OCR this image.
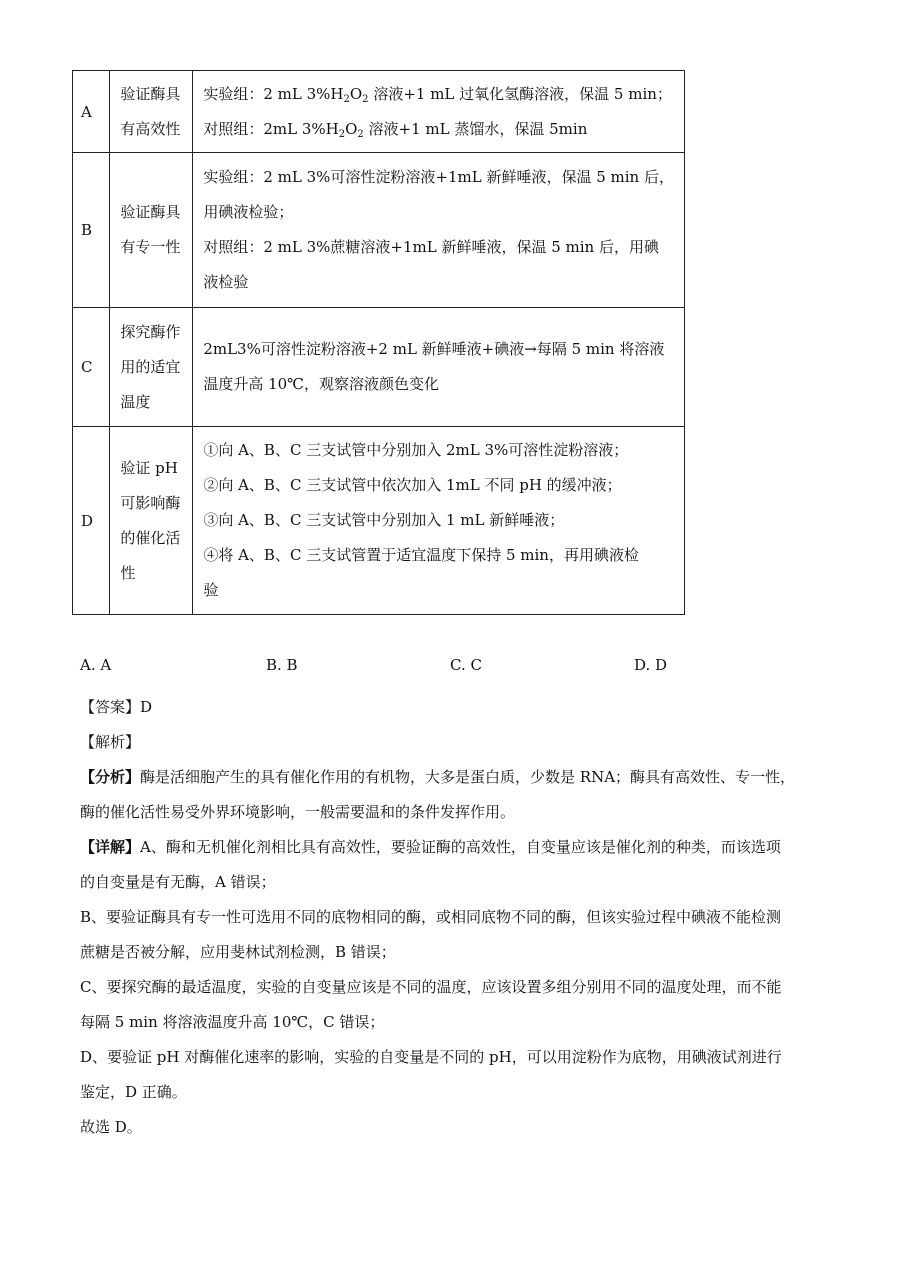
A	验证酶具
有高效性	实验组：2 mL $3\%H_2O_2$ 溶液+1 mL 过氧化氢酶溶液，保温 5 min；
对照组：2mL $3\%H_2O_2$ 溶液+1 mL 蒸馏水，保温 5min

B	验证酶具
有专一性	实验组：2 mL 3%可溶性淀粉溶液+1mL 新鲜唾液，保温 5 min 后，
用碘液检验；
对照组：2 mL 3%蔗糖溶液+1mL 新鲜唾液，保温 5 min 后，用碘
液检验

C	探究酶作
用的适宜
温度	2mL3%可溶性淀粉溶液+2 mL 新鲜唾液+碘液→每隔 5 min 将溶液
温度升高 10℃，观察溶液颜色变化

D	验证 pH
可影响酶
的催化活
性	①向 A、B、C 三支试管中分别加入 2mL 3%可溶性淀粉溶液；
②向 A、B、C 三支试管中依次加入 1mL 不同 pH 的缓冲液；
③向 A、B、C 三支试管中分别加入 1 mL 新鲜唾液；
④将 A、B、C 三支试管置于适宜温度下保持 5 min，再用碘液检
验
A. A	B. B	C. C	D. D

【答案】D

【解析】

【分析】酶是活细胞产生的具有催化作用的有机物，大多是蛋白质，少数是 RNA；酶具有高效性、专一性，

酶的催化活性易受外界环境影响，一般需要温和的条件发挥作用。

【详解】A、酶和无机催化剂相比具有高效性，要验证酶的高效性，自变量应该是催化剂的种类，而该选项

的自变量是有无酶，A 错误；

B、要验证酶具有专一性可选用不同的底物相同的酶，或相同底物不同的酶，但该实验过程中碘液不能检测

蔗糖是否被分解，应用斐林试剂检测，B 错误；

C、要探究酶的最适温度，实验的自变量应该是不同的温度，应该设置多组分别用不同的温度处理，而不能

每隔 5 min 将溶液温度升高 10℃，C 错误；

D、要验证 pH 对酶催化速率的影响，实验的自变量是不同的 pH，可以用淀粉作为底物，用碘液试剂进行

鉴定，D 正确。

故选 D。
